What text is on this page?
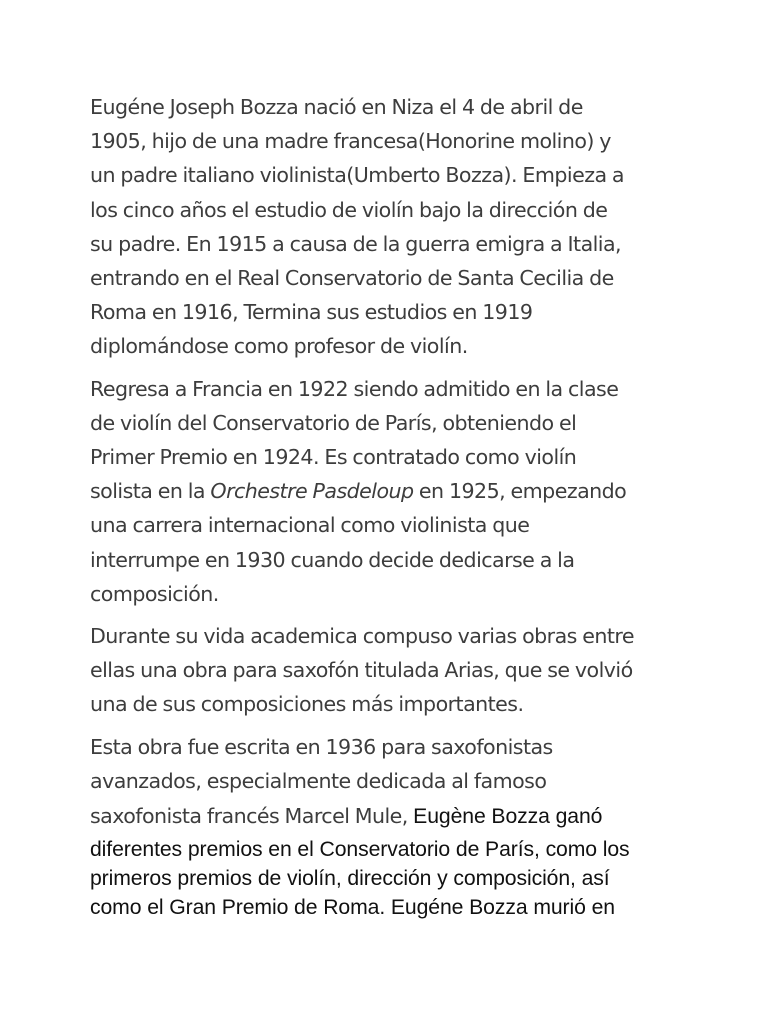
Eugéne Joseph Bozza nació en Niza el 4 de abril de
1905, hijo de una madre francesa(Honorine molino) y
un padre italiano violinista(Umberto Bozza). Empieza a
los cinco años el estudio de violín bajo la dirección de
su padre. En 1915 a causa de la guerra emigra a Italia,
entrando en el Real Conservatorio de Santa Cecilia de
Roma en 1916, Termina sus estudios en 1919
diplomándose como profesor de violín.

Regresa a Francia en 1922 siendo admitido en la clase
de violín del Conservatorio de París, obteniendo el
Primer Premio en 1924. Es contratado como violín
solista en la Orchestre Pasdeloup en 1925, empezando
una carrera internacional como violinista que
interrumpe en 1930 cuando decide dedicarse a la
composición.

Durante su vida academica compuso varias obras entre
ellas una obra para saxofón titulada Arias, que se volvió
una de sus composiciones más importantes.

Esta obra fue escrita en 1936 para saxofonistas
avanzados, especialmente dedicada al famoso
saxofonista francés Marcel Mule, Eugène Bozza ganó
diferentes premios en el Conservatorio de París, como los
primeros premios de violín, dirección y composición, así
como el Gran Premio de Roma. Eugéne Bozza murió en
